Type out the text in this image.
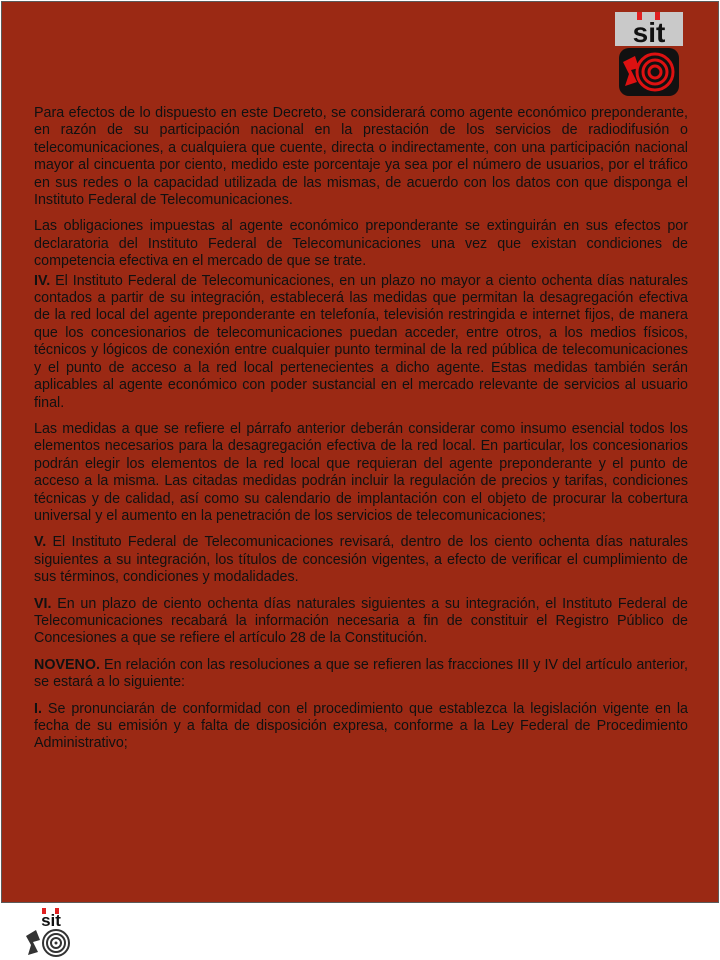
sit

Para efectos de lo dispuesto en este Decreto, se considerará como agente económico preponderante, en razón de su participación nacional en la prestación de los servicios de radiodifusión o telecomunicaciones, a cualquiera que cuente, directa o indirectamente, con una participación nacional mayor al cincuenta por ciento, medido este porcentaje ya sea por el número de usuarios, por el tráfico en sus redes o la capacidad utilizada de las mismas, de acuerdo con los datos con que disponga el Instituto Federal de Telecomunicaciones.

Las obligaciones impuestas al agente económico preponderante se extinguirán en sus efectos por declaratoria del Instituto Federal de Telecomunicaciones una vez que existan condiciones de competencia efectiva en el mercado de que se trate.

IV. El Instituto Federal de Telecomunicaciones, en un plazo no mayor a ciento ochenta días naturales contados a partir de su integración, establecerá las medidas que permitan la desagregación efectiva de la red local del agente preponderante en telefonía, televisión restringida e internet fijos, de manera que los concesionarios de telecomunicaciones puedan acceder, entre otros, a los medios físicos, técnicos y lógicos de conexión entre cualquier punto terminal de la red pública de telecomunicaciones y el punto de acceso a la red local pertenecientes a dicho agente. Estas medidas también serán aplicables al agente económico con poder sustancial en el mercado relevante de servicios al usuario final.

Las medidas a que se refiere el párrafo anterior deberán considerar como insumo esencial todos los elementos necesarios para la desagregación efectiva de la red local. En particular, los concesionarios podrán elegir los elementos de la red local que requieran del agente preponderante y el punto de acceso a la misma. Las citadas medidas podrán incluir la regulación de precios y tarifas, condiciones técnicas y de calidad, así como su calendario de implantación con el objeto de procurar la cobertura universal y el aumento en la penetración de los servicios de telecomunicaciones;

V. El Instituto Federal de Telecomunicaciones revisará, dentro de los ciento ochenta días naturales siguientes a su integración, los títulos de concesión vigentes, a efecto de verificar el cumplimiento de sus términos, condiciones y modalidades.

VI. En un plazo de ciento ochenta días naturales siguientes a su integración, el Instituto Federal de Telecomunicaciones recabará la información necesaria a fin de constituir el Registro Público de Concesiones a que se refiere el artículo 28 de la Constitución.

NOVENO. En relación con las resoluciones a que se refieren las fracciones III y IV del artículo anterior, se estará a lo siguiente:

I. Se pronunciarán de conformidad con el procedimiento que establezca la legislación vigente en la fecha de su emisión y a falta de disposición expresa, conforme a la Ley Federal de Procedimiento Administrativo;

sit
